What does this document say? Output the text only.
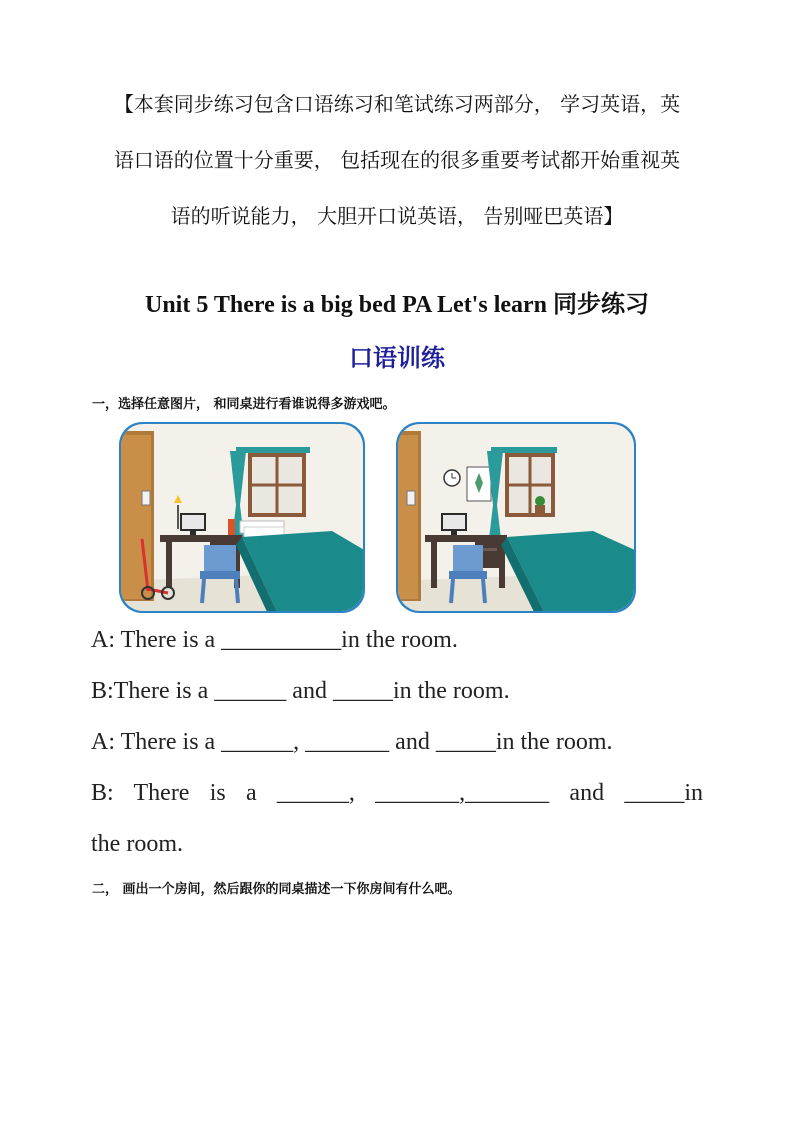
【本套同步练习包含口语练习和笔试练习两部分， 学习英语，英
语口语的位置十分重要， 包括现在的很多重要考试都开始重视英
语的听说能力， 大胆开口说英语， 告别哑巴英语】
Unit 5 There is a big bed PA Let's learn 同步练习
口语训练
一，选择任意图片， 和同桌进行看谁说得多游戏吧。
A: There is a __________in the room.
B:There is a ______ and _____in the room.
A: There is a ______, _______ and _____in the room.
B: There is a ______, _______,_______ and _____in
the room.
二， 画出一个房间，然后跟你的同桌描述一下你房间有什么吧。
